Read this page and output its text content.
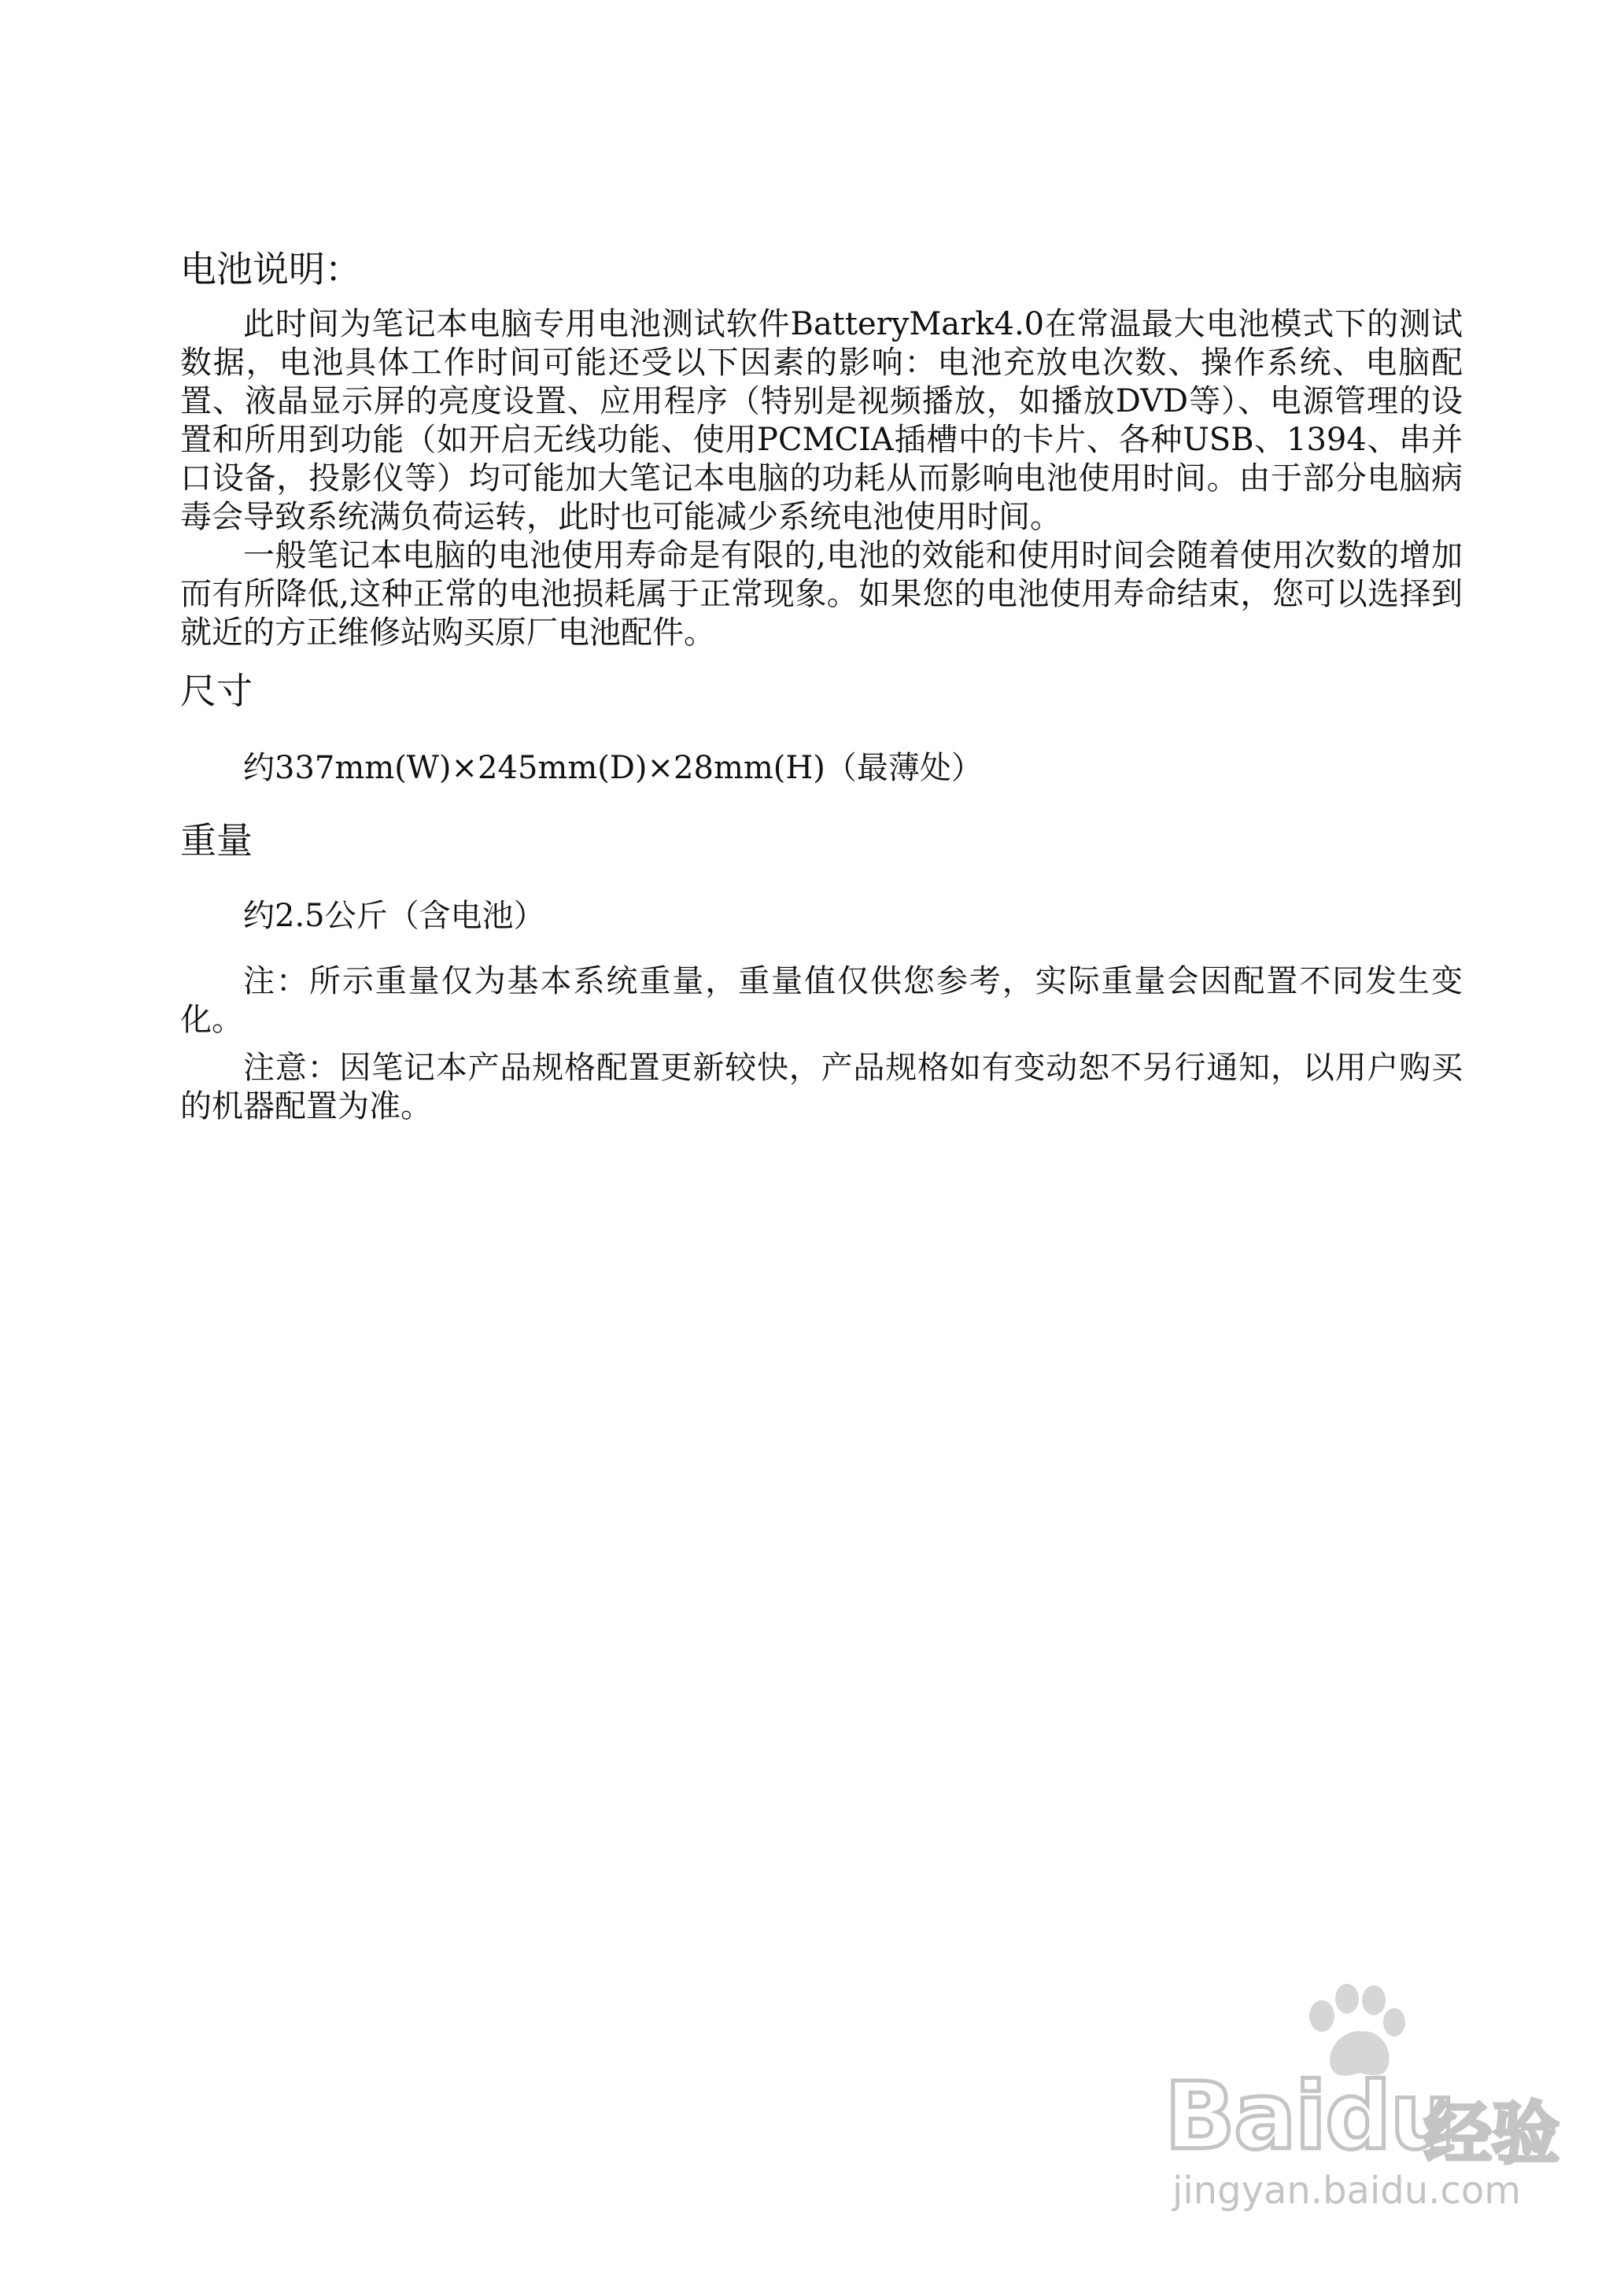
电池说明：

此时间为笔记本电脑专用电池测试软件BatteryMark4.0在常温最大电池模式下的测试数据，电池具体工作时间可能还受以下因素的影响：电池充放电次数、操作系统、电脑配置、液晶显示屏的亮度设置、应用程序（特别是视频播放，如播放DVD等）、电源管理的设置和所用到功能（如开启无线功能、使用PCMCIA插槽中的卡片、各种USB、1394、串并口设备，投影仪等）均可能加大笔记本电脑的功耗从而影响电池使用时间。由于部分电脑病毒会导致系统满负荷运转，此时也可能减少系统电池使用时间。

一般笔记本电脑的电池使用寿命是有限的,电池的效能和使用时间会随着使用次数的增加而有所降低,这种正常的电池损耗属于正常现象。如果您的电池使用寿命结束，您可以选择到就近的方正维修站购买原厂电池配件。

尺寸

约337mm(W)×245mm(D)×28mm(H)（最薄处）

重量

约2.5公斤（含电池）

注：所示重量仅为基本系统重量，重量值仅供您参考，实际重量会因配置不同发生变化。

注意：因笔记本产品规格配置更新较快，产品规格如有变动恕不另行通知，以用户购买的机器配置为准。

Baidu
经验
jingyan.baidu.com
